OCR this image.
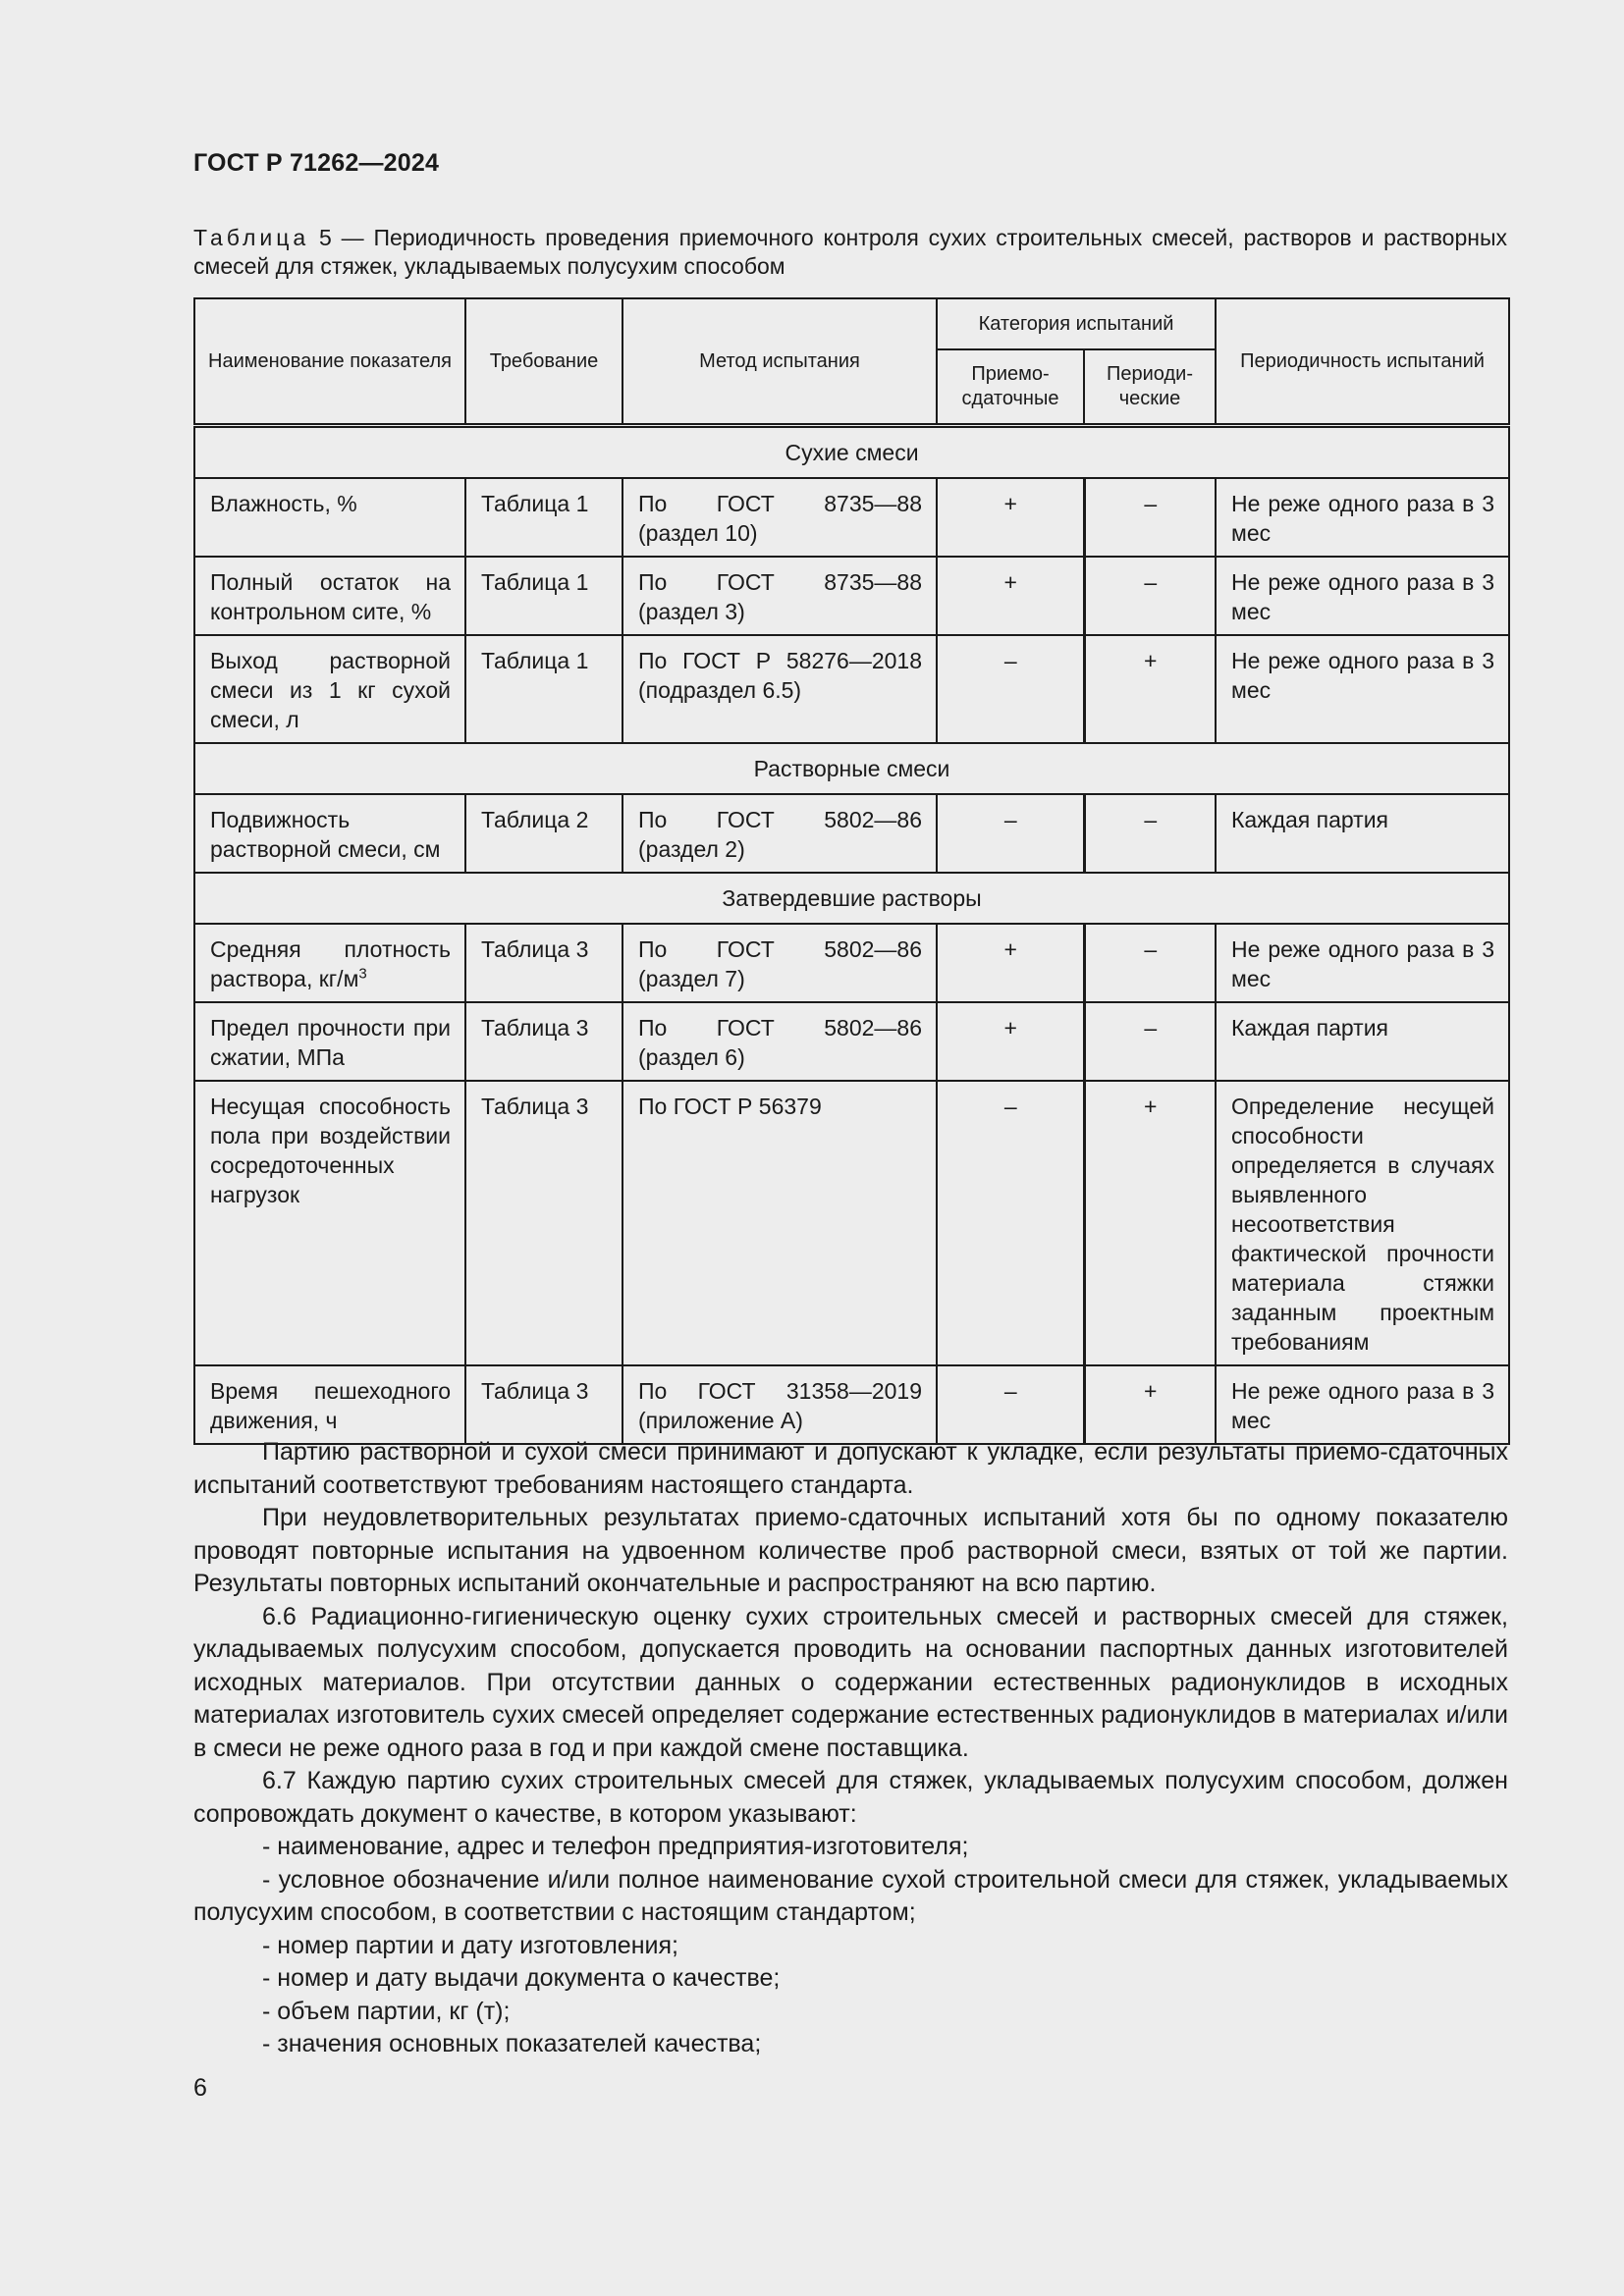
ГОСТ Р 71262—2024
Таблица 5 — Периодичность проведения приемочного контроля сухих строительных смесей, растворов и растворных смесей для стяжек, укладываемых полусухим способом
Наименование показателя	Требование	Метод испытания	Категория испытаний		Периодичность испытаний
			Приемо-сдаточные	Периоди-ческие	
Сухие смеси					
Влажность, %	Таблица 1	По ГОСТ 8735—88 (раздел 10)	+	–	Не реже одного раза в 3 мес
Полный остаток на контрольном сите, %	Таблица 1	По ГОСТ 8735—88 (раздел 3)	+	–	Не реже одного раза в 3 мес
Выход растворной смеси из 1 кг сухой смеси, л	Таблица 1	По ГОСТ Р 58276—2018 (подраздел 6.5)	–	+	Не реже одного раза в 3 мес
Растворные смеси					
Подвижность растворной смеси, см	Таблица 2	По ГОСТ 5802—86 (раздел 2)	–	–	Каждая партия
Затвердевшие растворы					
Средняя плотность раствора, $кг/м^3$	Таблица 3	По ГОСТ 5802—86 (раздел 7)	+	–	Не реже одного раза в 3 мес
Предел прочности при сжатии, МПа	Таблица 3	По ГОСТ 5802—86 (раздел 6)	+	–	Каждая партия
Несущая способность пола при воздействии сосредоточенных нагрузок	Таблица 3	По ГОСТ Р 56379	–	+	Определение несущей способности определяется в случаях выявленного несоответствия фактической прочности материала стяжки заданным проектным требованиям
Время пешеходного движения, ч	Таблица 3	По ГОСТ 31358—2019 (приложение А)	–	+	Не реже одного раза в 3 мес

Партию растворной и сухой смеси принимают и допускают к укладке, если результаты приемо-сдаточных испытаний соответствуют требованиям настоящего стандарта.

При неудовлетворительных результатах приемо-сдаточных испытаний хотя бы по одному показателю проводят повторные испытания на удвоенном количестве проб растворной смеси, взятых от той же партии. Результаты повторных испытаний окончательные и распространяют на всю партию.

6.6 Радиационно-гигиеническую оценку сухих строительных смесей и растворных смесей для стяжек, укладываемых полусухим способом, допускается проводить на основании паспортных данных изготовителей исходных материалов. При отсутствии данных о содержании естественных радионуклидов в исходных материалах изготовитель сухих смесей определяет содержание естественных радионуклидов в материалах и/или в смеси не реже одного раза в год и при каждой смене поставщика.

6.7 Каждую партию сухих строительных смесей для стяжек, укладываемых полусухим способом, должен сопровождать документ о качестве, в котором указывают:

- наименование, адрес и телефон предприятия-изготовителя;

- условное обозначение и/или полное наименование сухой строительной смеси для стяжек, укладываемых полусухим способом, в соответствии с настоящим стандартом;

- номер партии и дату изготовления;

- номер и дату выдачи документа о качестве;

- объем партии, кг (т);

- значения основных показателей качества;

6
